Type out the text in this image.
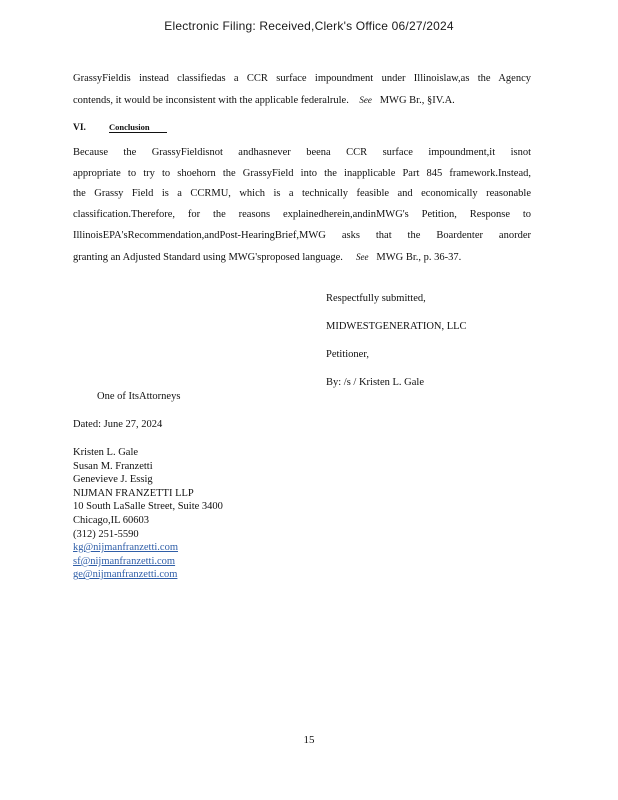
Electronic Filing: Received,Clerk's Office 06/27/2024
GrassyFieldis instead classifiedas a CCR surface impoundment under Illinoislaw,as the Agency
contends, it would be inconsistent with the applicable federalrule. See MWG Br., §IV.A.
VI.	Conclusion
Because the GrassyFieldisnot andhasnever beena CCR surface impoundment,it isnot
appropriate to try to shoehorn the GrassyField into the inapplicable Part 845 framework.Instead,
the Grassy Field is a CCRMU, which is a technically feasible and economically reasonable
classification.Therefore, for the reasons explainedherein,andinMWG's Petition, Response to
IllinoisEPA'sRecommendation,andPost-HearingBrief,MWG asks that the Boardenter anorder
granting an Adjusted Standard using MWG'sproposed language. See MWG Br., p. 36-37.
Respectfully submitted,
MIDWESTGENERATION, LLC
Petitioner,
By: /s / Kristen L. Gale
One of ItsAttorneys
Dated: June 27, 2024
Kristen L. Gale
Susan M. Franzetti
Genevieve J. Essig
NIJMAN FRANZETTI LLP
10 South LaSalle Street, Suite 3400
Chicago,IL 60603
(312) 251-5590
kg@nijmanfranzetti.com
sf@nijmanfranzetti.com
ge@nijmanfranzetti.com
15
